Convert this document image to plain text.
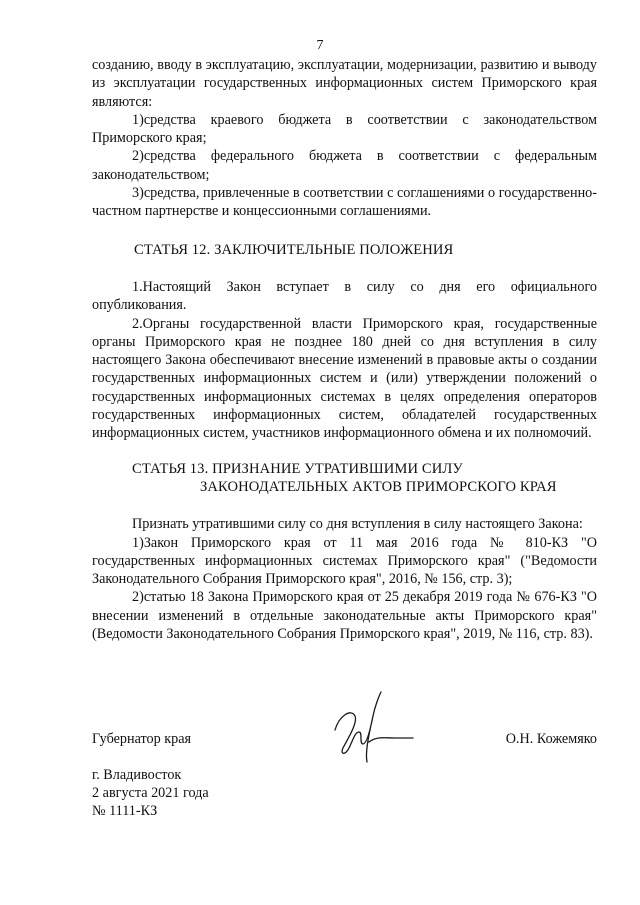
7

созданию, вводу в эксплуатацию, эксплуатации, модернизации, развитию и выводу из эксплуатации государственных информационных систем Приморского края являются:

1)средства краевого бюджета в соответствии с законодательством Приморского края;

2)средства федерального бюджета в соответствии с федеральным законодательством;

3)средства, привлеченные в соответствии с соглашениями о государственно-частном партнерстве и концессионными соглашениями.

СТАТЬЯ 12. ЗАКЛЮЧИТЕЛЬНЫЕ ПОЛОЖЕНИЯ

1.Настоящий Закон вступает в силу со дня его официального опубликования.

2.Органы государственной власти Приморского края, государственные органы Приморского края не позднее 180 дней со дня вступления в силу настоящего Закона обеспечивают внесение изменений в правовые акты о создании государственных информационных систем и (или) утверждении положений о государственных информационных системах в целях определения операторов государственных информационных систем, обладателей государственных информационных систем, участников информационного обмена и их полномочий.

СТАТЬЯ 13. ПРИЗНАНИЕ УТРАТИВШИМИ СИЛУ

ЗАКОНОДАТЕЛЬНЫХ АКТОВ ПРИМОРСКОГО КРАЯ

Признать утратившими силу со дня вступления в силу настоящего Закона:

1)Закон Приморского края от 11 мая 2016 года № 810-КЗ "О государственных информационных системах Приморского края" ("Ведомости Законодательного Собрания Приморского края", 2016, № 156, стр. 3);

2)статью 18 Закона Приморского края от 25 декабря 2019 года № 676-КЗ "О внесении изменений в отдельные законодательные акты Приморского края" (Ведомости Законодательного Собрания Приморского края", 2019, № 116, стр. 83).

Губернатор края	О.Н. Кожемяко
г. Владивосток
2 августа 2021 года
№ 1111-КЗ
